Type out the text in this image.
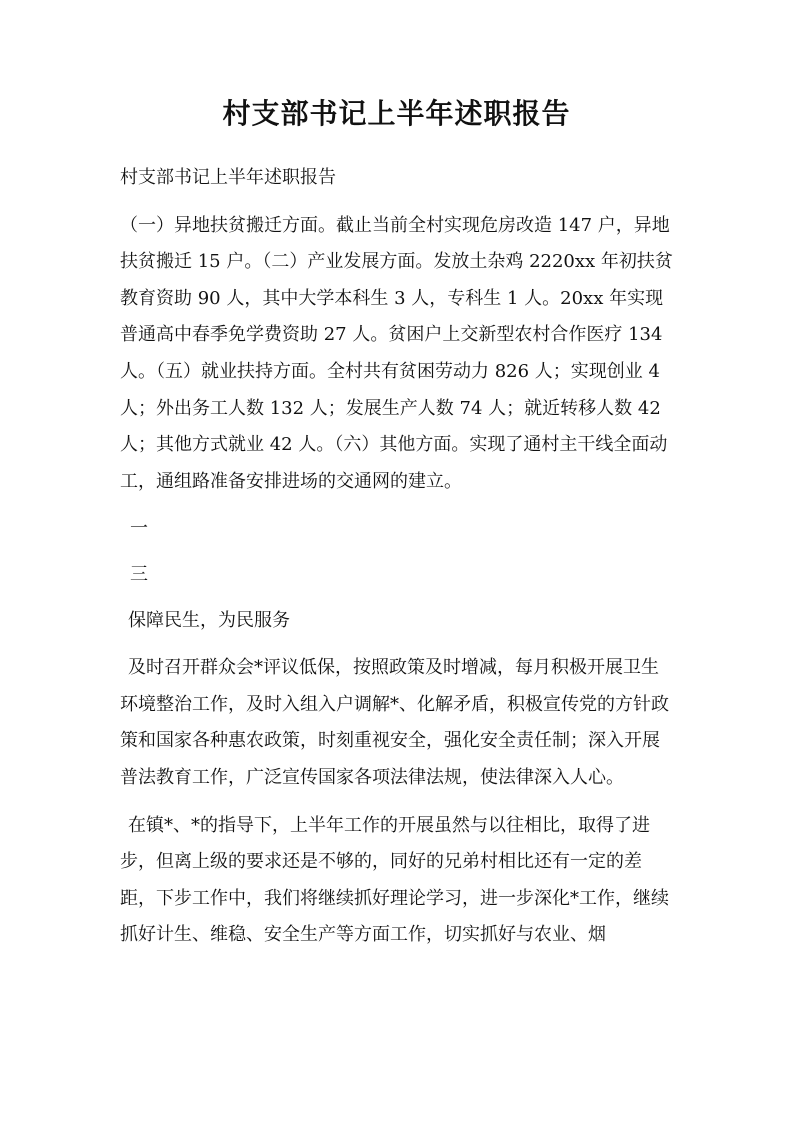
村支部书记上半年述职报告

村支部书记上半年述职报告

（一）异地扶贫搬迁方面。截止当前全村实现危房改造 147 户，异地扶贫搬迁 15 户。（二）产业发展方面。发放土杂鸡 2220xx 年初扶贫教育资助 90 人，其中大学本科生 3 人，专科生 1 人。20xx 年实现普通高中春季免学费资助 27 人。贫困户上交新型农村合作医疗 134 人。（五）就业扶持方面。全村共有贫困劳动力 826 人；实现创业 4 人；外出务工人数 132 人；发展生产人数 74 人；就近转移人数 42 人；其他方式就业 42 人。（六）其他方面。实现了通村主干线全面动工，通组路准备安排进场的交通网的建立。

一

三

保障民生，为民服务

及时召开群众会*评议低保，按照政策及时增减，每月积极开展卫生环境整治工作，及时入组入户调解*、化解矛盾，积极宣传党的方针政策和国家各种惠农政策，时刻重视安全，强化安全责任制；深入开展普法教育工作，广泛宣传国家各项法律法规，使法律深入人心。

在镇*、*的指导下，上半年工作的开展虽然与以往相比，取得了进步，但离上级的要求还是不够的，同好的兄弟村相比还有一定的差距，下步工作中，我们将继续抓好理论学习，进一步深化*工作，继续抓好计生、维稳、安全生产等方面工作，切实抓好与农业、烟
